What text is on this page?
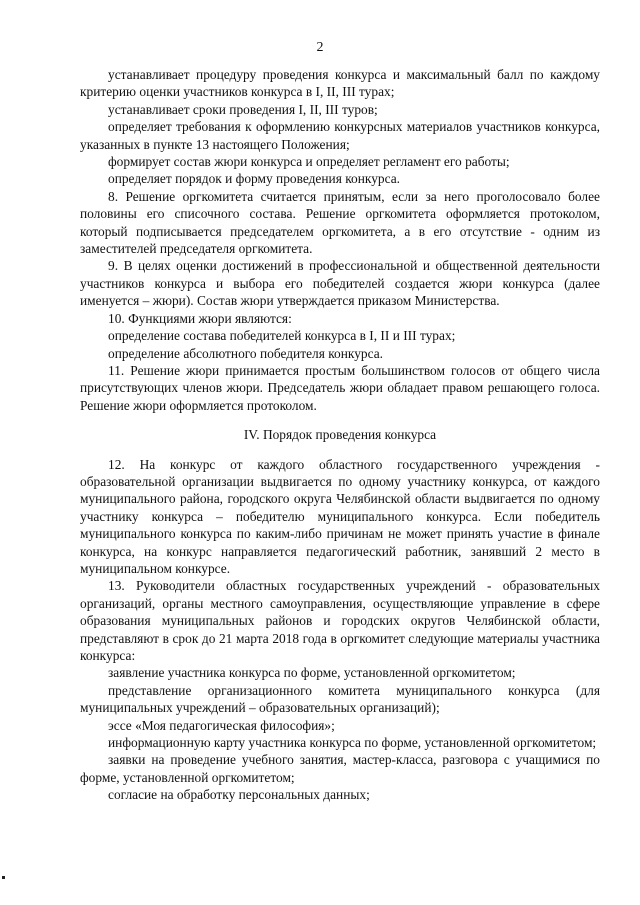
2

устанавливает процедуру проведения конкурса и максимальный балл по каждому критерию оценки участников конкурса в I, II, III турах;

устанавливает сроки проведения I, II, III туров;

определяет требования к оформлению конкурсных материалов участников конкурса, указанных в пункте 13 настоящего Положения;

формирует состав жюри конкурса и определяет регламент его работы;

определяет порядок и форму проведения конкурса.

8. Решение оргкомитета считается принятым, если за него проголосовало более половины его списочного состава. Решение оргкомитета оформляется протоколом, который подписывается председателем оргкомитета, а в его отсутствие - одним из заместителей председателя оргкомитета.

9. В целях оценки достижений в профессиональной и общественной деятельности участников конкурса и выбора его победителей создается жюри конкурса (далее именуется – жюри). Состав жюри утверждается приказом Министерства.

10. Функциями жюри являются:

определение состава победителей конкурса в I, II и III турах;

определение абсолютного победителя конкурса.

11. Решение жюри принимается простым большинством голосов от общего числа присутствующих членов жюри. Председатель жюри обладает правом решающего голоса. Решение жюри оформляется протоколом.

IV. Порядок проведения конкурса

12. На конкурс от каждого областного государственного учреждения - образовательной организации выдвигается по одному участнику конкурса, от каждого муниципального района, городского округа Челябинской области выдвигается по одному участнику конкурса – победителю муниципального конкурса. Если победитель муниципального конкурса по каким-либо причинам не может принять участие в финале конкурса, на конкурс направляется педагогический работник, занявший 2 место в муниципальном конкурсе.

13. Руководители областных государственных учреждений - образовательных организаций, органы местного самоуправления, осуществляющие управление в сфере образования муниципальных районов и городских округов Челябинской области, представляют в срок до 21 марта 2018 года в оргкомитет следующие материалы участника конкурса:

заявление участника конкурса по форме, установленной оргкомитетом;

представление организационного комитета муниципального конкурса (для муниципальных учреждений – образовательных организаций);

эссе «Моя педагогическая философия»;

информационную карту участника конкурса по форме, установленной оргкомитетом;

заявки на проведение учебного занятия, мастер-класса, разговора с учащимися по форме, установленной оргкомитетом;

согласие на обработку персональных данных;
